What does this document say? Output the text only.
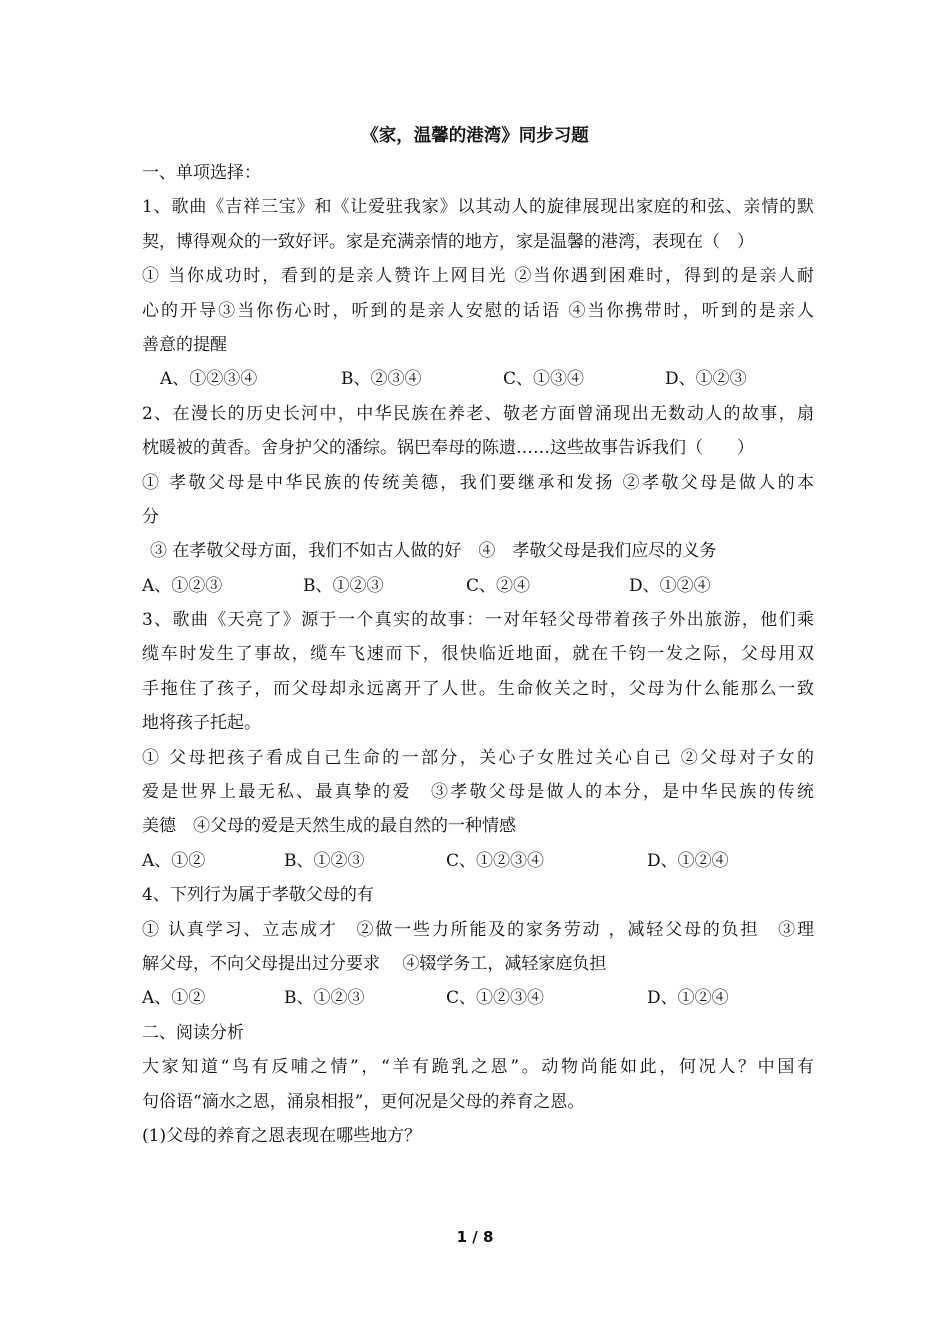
《家，温馨的港湾》同步习题
一、单项选择：
1、歌曲《吉祥三宝》和《让爱驻我家》以其动人的旋律展现出家庭的和弦、亲情的默
契，博得观众的一致好评。家是充满亲情的地方，家是温馨的港湾，表现在（　）
① 当你成功时，看到的是亲人赞许上网目光 ②当你遇到困难时，得到的是亲人耐
心的开导③当你伤心时，听到的是亲人安慰的话语 ④当你携带时，听到的是亲人
善意的提醒
A、①②③④	B、②③④	C、①③④	D、①②③
2、在漫长的历史长河中，中华民族在养老、敬老方面曾涌现出无数动人的故事，扇
枕暖被的黄香。舍身护父的潘综。锅巴奉母的陈遗……这些故事告诉我们（　　）
① 孝敬父母是中华民族的传统美德，我们要继承和发扬 ②孝敬父母是做人的本
分
③ 在孝敬父母方面，我们不如古人做的好　④　孝敬父母是我们应尽的义务
A、①②③	B、①②③	C、②④	D、①②④
3、歌曲《天亮了》源于一个真实的故事：一对年轻父母带着孩子外出旅游，他们乘
缆车时发生了事故，缆车飞速而下，很快临近地面，就在千钧一发之际，父母用双
手拖住了孩子，而父母却永远离开了人世。生命攸关之时，父母为什么能那么一致
地将孩子托起。
① 父母把孩子看成自己生命的一部分，关心子女胜过关心自己 ②父母对子女的
爱是世界上最无私、最真挚的爱　③孝敬父母是做人的本分，是中华民族的传统
美德　④父母的爱是天然生成的最自然的一种情感
A、①②	B、①②③	C、①②③④	D、①②④
4、下列行为属于孝敬父母的有
① 认真学习、立志成才　②做一些力所能及的家务劳动 ，减轻父母的负担　③理
解父母，不向父母提出过分要求　 ④辍学务工，减轻家庭负担
A、①②	B、①②③	C、①②③④	D、①②④
二、阅读分析
大家知道“鸟有反哺之情”，“羊有跪乳之恩”。动物尚能如此，何况人？中国有
句俗语“滴水之恩，涌泉相报”，更何况是父母的养育之恩。
(1)父母的养育之恩表现在哪些地方？
1 / 8
